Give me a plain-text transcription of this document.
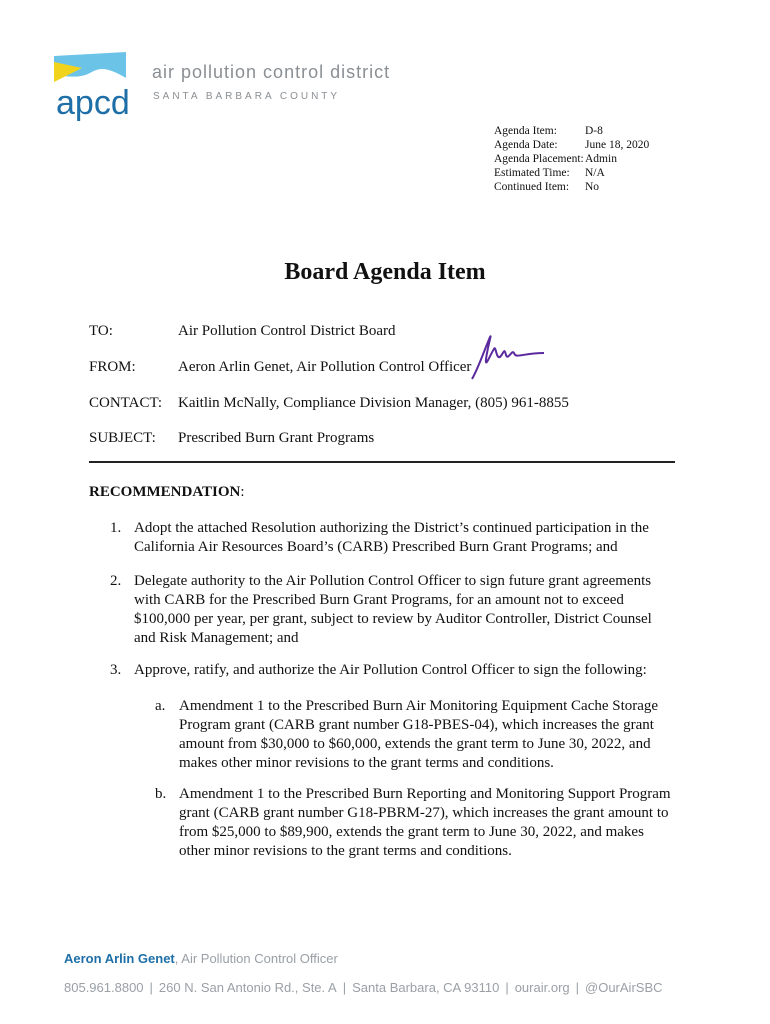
apcd
air pollution control district
SANTA BARBARA COUNTY
Agenda Item:	D-8
Agenda Date:	June 18, 2020
Agenda Placement: Admin
Estimated Time:	N/A
Continued Item:	No
Board Agenda Item
TO:	Air Pollution Control District Board
FROM:	Aeron Arlin Genet, Air Pollution Control Officer
CONTACT: Kaitlin McNally, Compliance Division Manager, (805) 961-8855
SUBJECT: Prescribed Burn Grant Programs
RECOMMENDATION:
1. Adopt the attached Resolution authorizing the District’s continued participation in the
California Air Resources Board’s (CARB) Prescribed Burn Grant Programs; and
2. Delegate authority to the Air Pollution Control Officer to sign future grant agreements
with CARB for the Prescribed Burn Grant Programs, for an amount not to exceed
$100,000 per year, per grant, subject to review by Auditor Controller, District Counsel
and Risk Management; and
3. Approve, ratify, and authorize the Air Pollution Control Officer to sign the following:
a. Amendment 1 to the Prescribed Burn Air Monitoring Equipment Cache Storage
Program grant (CARB grant number G18-PBES-04), which increases the grant
amount from $30,000 to $60,000, extends the grant term to June 30, 2022, and
makes other minor revisions to the grant terms and conditions.
b. Amendment 1 to the Prescribed Burn Reporting and Monitoring Support Program
grant (CARB grant number G18-PBRM-27), which increases the grant amount to
from $25,000 to $89,900, extends the grant term to June 30, 2022, and makes
other minor revisions to the grant terms and conditions.
Aeron Arlin Genet, Air Pollution Control Officer
805.961.8800 | 260 N. San Antonio Rd., Ste. A | Santa Barbara, CA 93110 | ourair.org | @OurAirSBC
